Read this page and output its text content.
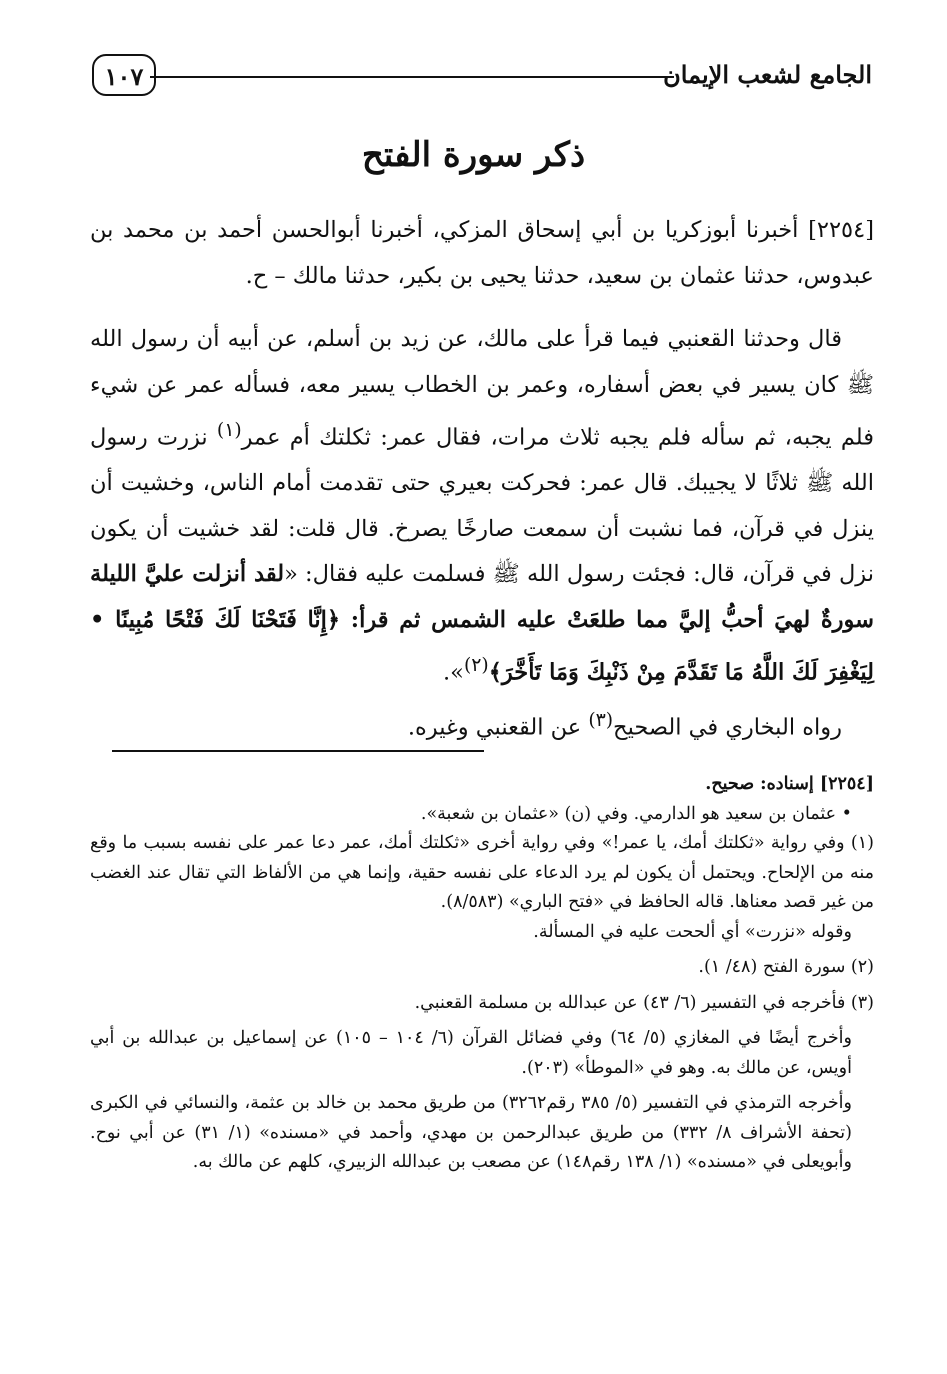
الجامع لشعب الإيمان
١٠٧
ذكر سورة الفتح

[٢٢٥٤] أخبرنا أبوزكريا بن أبي إسحاق المزكي، أخبرنا أبوالحسن أحمد بن محمد بن عبدوس، حدثنا عثمان بن سعيد، حدثنا يحيى بن بكير، حدثنا مالك – ح.

قال وحدثنا القعنبي فيما قرأ على مالك، عن زيد بن أسلم، عن أبيه أن رسول الله ﷺ كان يسير في بعض أسفاره، وعمر بن الخطاب يسير معه، فسأله عمر عن شيء فلم يجبه، ثم سأله فلم يجبه ثلاث مرات، فقال عمر: ثكلتك أم عمر$^{(١)}$ نزرت رسول الله ﷺ ثلاثًا لا يجيبك. قال عمر: فحركت بعيري حتى تقدمت أمام الناس، وخشيت أن ينزل في قرآن، فما نشبت أن سمعت صارخًا يصرخ. قال قلت: لقد خشيت أن يكون نزل في قرآن، قال: فجئت رسول الله ﷺ فسلمت عليه فقال: «لقد أنزلت عليَّ الليلة سورةٌ لهيَ أحبُّ إليَّ مما طلعَتْ عليه الشمس ثم قرأ: ﴿إِنَّا فَتَحْنَا لَكَ فَتْحًا مُبِينًا • لِيَغْفِرَ لَكَ اللَّهُ مَا تَقَدَّمَ مِنْ ذَنْبِكَ وَمَا تَأَخَّرَ﴾$^{(٢)}$».

رواه البخاري في الصحيح$^{(٣)}$ عن القعنبي وغيره.

[٢٢٥٤] إسناده: صحيح.

• عثمان بن سعيد هو الدارمي. وفي (ن) «عثمان بن شعبة».

(١) وفي رواية «ثكلتك أمك، يا عمر!» وفي رواية أخرى «ثكلتك أمك، عمر دعا عمر على نفسه بسبب ما وقع منه من الإلحاح. ويحتمل أن يكون لم يرد الدعاء على نفسه حقية، وإنما هي من الألفاظ التي تقال عند الغضب من غير قصد معناها. قاله الحافظ في «فتح الباري» (٨/٥٨٣).

وقوله «نزرت» أي ألححت عليه في المسألة.

(٢) سورة الفتح (٤٨/ ١).

(٣) فأخرجه في التفسير (٦/ ٤٣) عن عبدالله بن مسلمة القعنبي.

وأخرج أيضًا في المغازي (٥/ ٦٤) وفي فضائل القرآن (٦/ ١٠٤ – ١٠٥) عن إسماعيل بن عبدالله بن أبي أويس، عن مالك به. وهو في «الموطأ» (٢٠٣).

وأخرجه الترمذي في التفسير (٥/ ٣٨٥ رقم٣٢٦٢) من طريق محمد بن خالد بن عثمة، والنسائي في الكبرى (تحفة الأشراف ٨/ ٣٣٢) من طريق عبدالرحمن بن مهدي، وأحمد في «مسنده» (١/ ٣١) عن أبي نوح. وأبويعلى في «مسنده» (١/ ١٣٨ رقم١٤٨) عن مصعب بن عبدالله الزبيري، كلهم عن مالك به.
